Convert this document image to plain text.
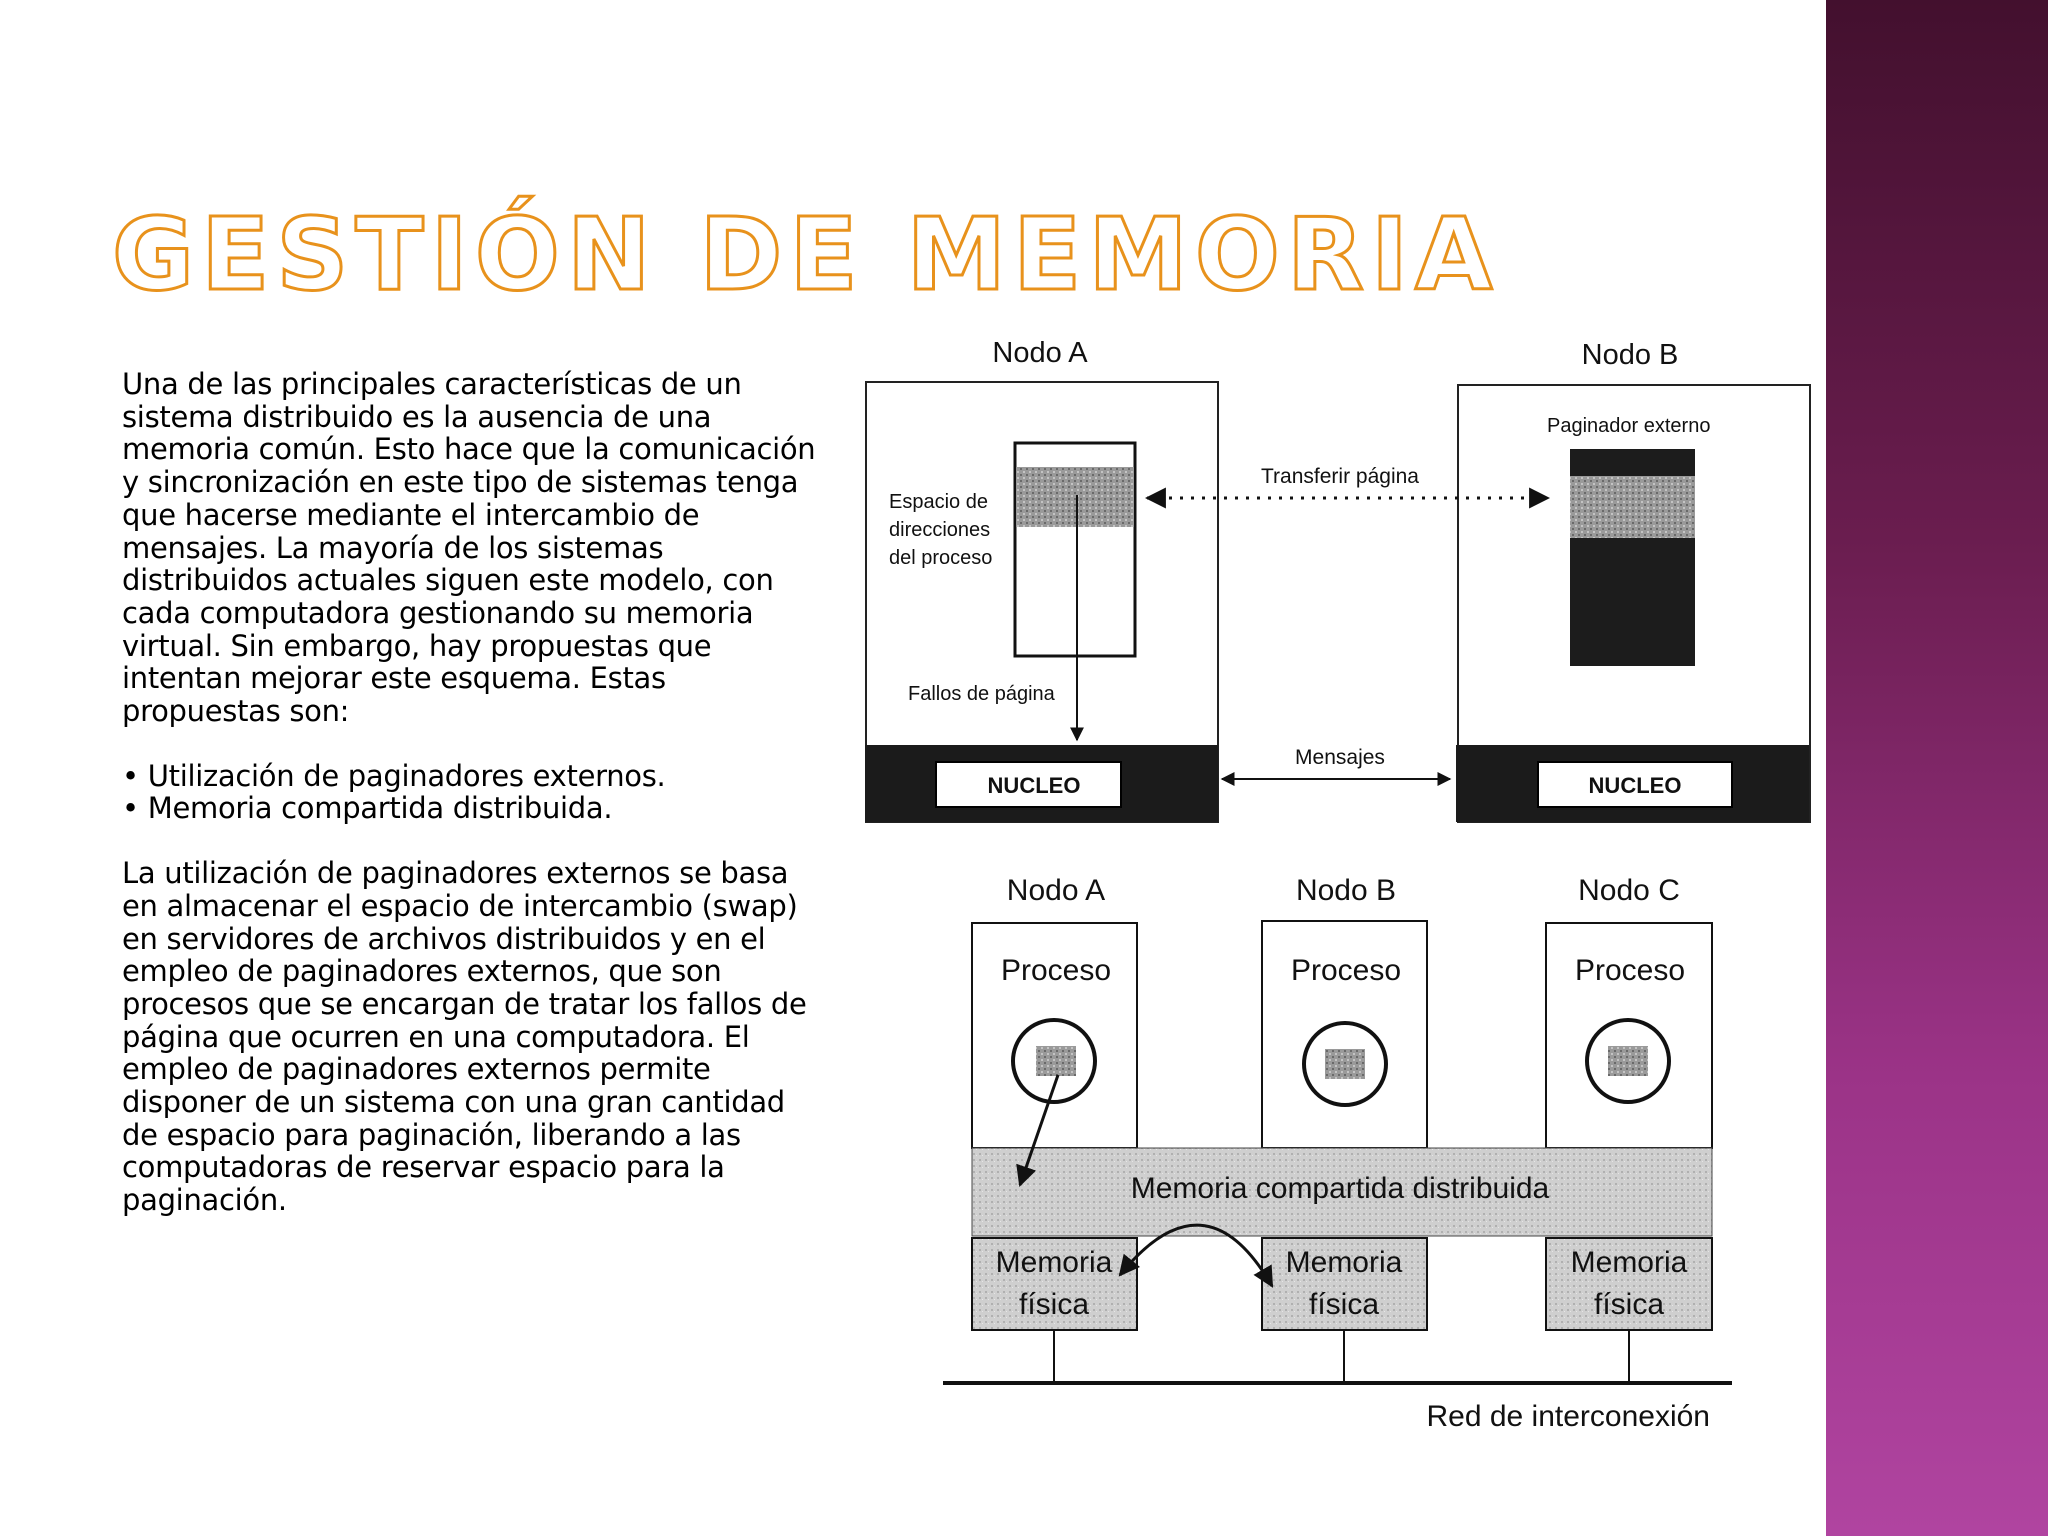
GESTIÓN DE MEMORIA

Una de las principales características de un sistema distribuido es la ausencia de una memoria común. Esto hace que la comunicación y sincronización en este tipo de sistemas tenga que hacerse mediante el intercambio de mensajes. La mayoría de los sistemas distribuidos actuales siguen este modelo, con cada computadora gestionando su memoria virtual. Sin embargo, hay propuestas que intentan mejorar este esquema. Estas propuestas son:

• Utilización de paginadores externos.
• Memoria compartida distribuida.

La utilización de paginadores externos se basa en almacenar el espacio de intercambio (swap) en servidores de archivos distribuidos y en el empleo de paginadores externos, que son procesos que se encargan de tratar los fallos de página que ocurren en una computadora. El empleo de paginadores externos permite disponer de un sistema con una gran cantidad de espacio para paginación, liberando a las computadoras de reservar espacio para la paginación.

Nodo A	Nodo B
Espacio de
direcciones
del proceso
Paginador externo
Transferir página
Fallos de página
NUCLEO	NUCLEO
Mensajes
Nodo A	Nodo B	Nodo C
Proceso	Proceso	Proceso
Memoria compartida distribuida
Memoria
física
Memoria
física
Memoria
física
Red de interconexión
